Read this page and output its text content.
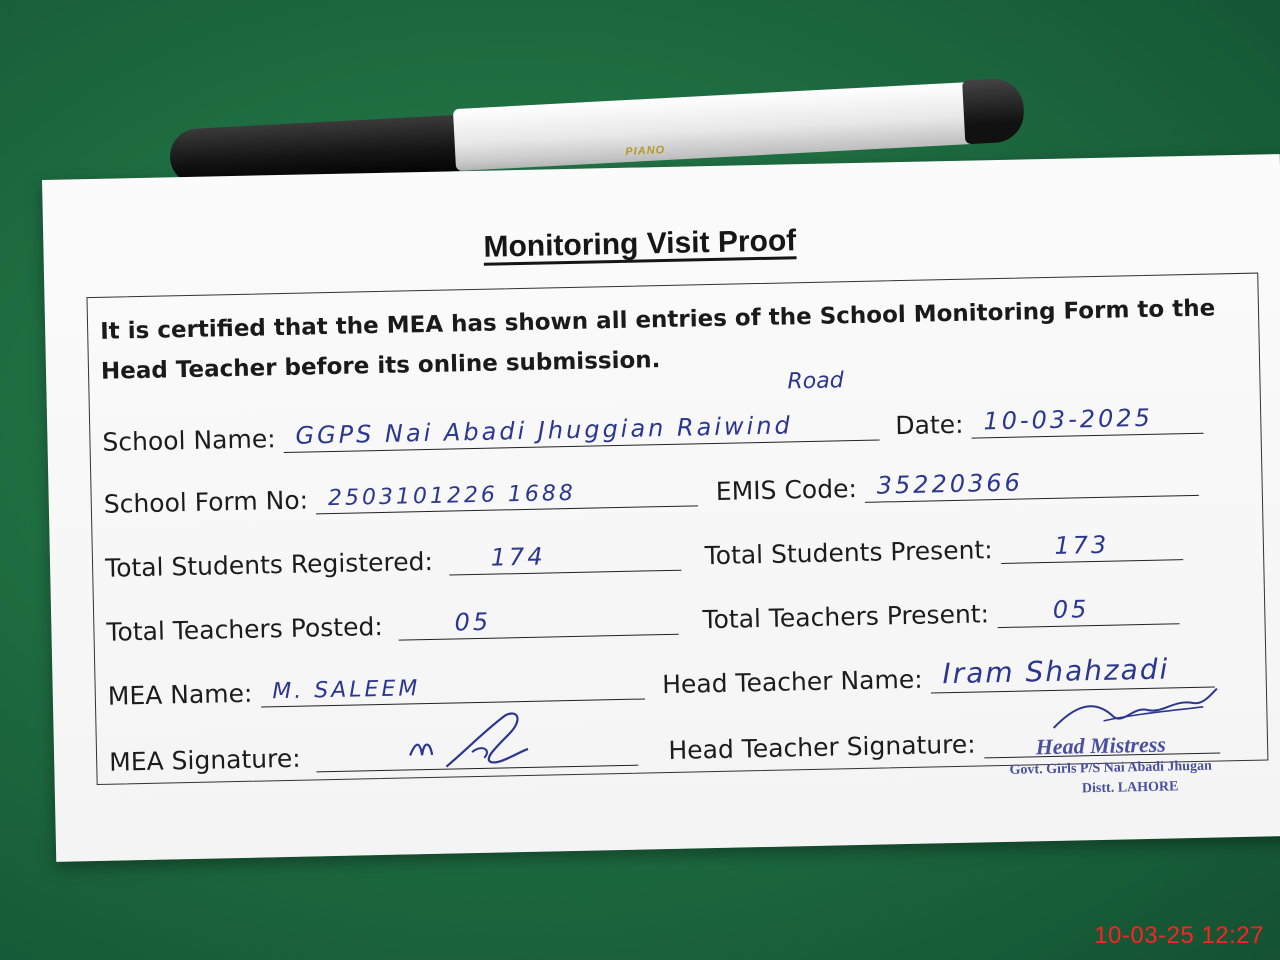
PIANO
Monitoring Visit Proof
It is certified that the MEA has shown all entries of the School Monitoring Form to the Head Teacher before its online submission.
School Name: GGPS Nai Abadi Jhuggian Raiwind
Road
Date: 10-03-2025
School Form No: 2503101226 1688	EMIS Code: 35220366
Total Students Registered: 174	Total Students Present:	173
Total Teachers Posted:	05	Total Teachers Present:	05
MEA Name: M. SALEEM	Head Teacher Name: Iram Shahzadi
MEA Signature:	Head Teacher Signature:	Head Mistress
Govt. Girls P/S Nai Abadi Jhugan
Distt. LAHORE
10-03-25 12:27
